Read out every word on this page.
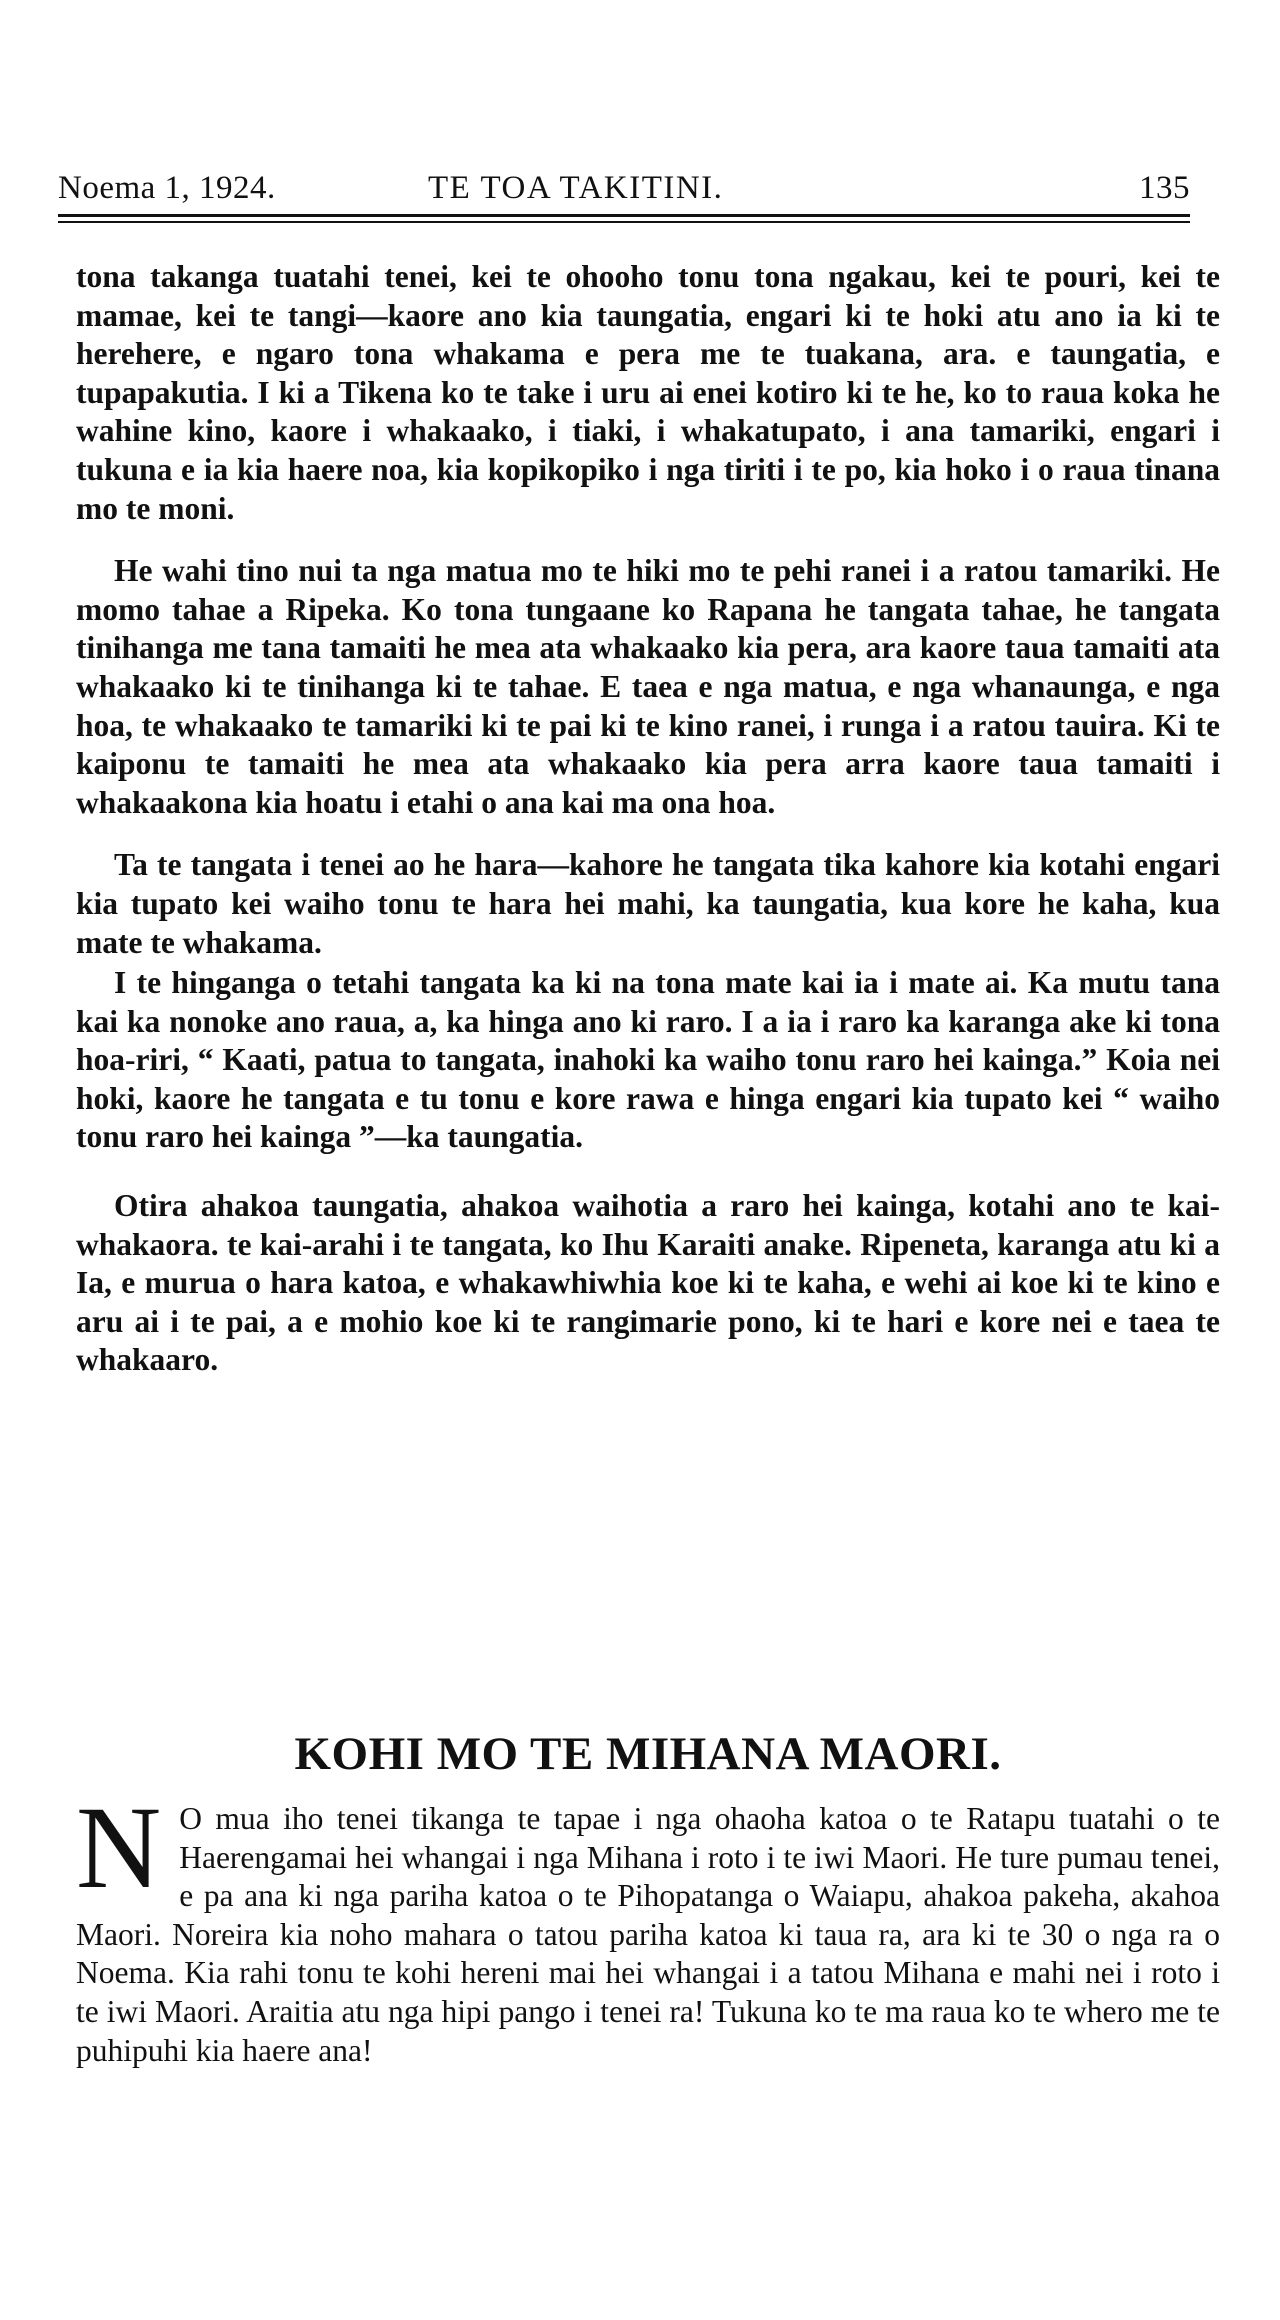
Noema 1, 1924.	TE TOA TAKITINI.	135

tona takanga tuatahi tenei, kei te ohooho tonu tona ngakau, kei te pouri, kei te mamae, kei te tangi—kaore ano kia taungatia, engari ki te hoki atu ano ia ki te herehere, e ngaro tona whakama e pera me te tuakana, ara. e taungatia, e tupapakutia. I ki a Tikena ko te take i uru ai enei kotiro ki te he, ko to raua koka he wahine kino, kaore i whakaako, i tiaki, i whakatupato, i ana tamariki, engari i tukuna e ia kia haere noa, kia kopikopiko i nga tiriti i te po, kia hoko i o raua tinana mo te moni.

He wahi tino nui ta nga matua mo te hiki mo te pehi ranei i a ratou tamariki. He momo tahae a Ripeka. Ko tona tungaane ko Rapana he tangata tahae, he tangata tinihanga me tana tamaiti he mea ata whakaako kia pera, ara kaore taua tamaiti ata whakaako ki te tinihanga ki te tahae. E taea e nga matua, e nga whanaunga, e nga hoa, te whakaako te tamariki ki te pai ki te kino ranei, i runga i a ratou tauira. Ki te kaiponu te tamaiti he mea ata whakaako kia pera arra kaore taua tamaiti i whakaakona kia hoatu i etahi o ana kai ma ona hoa.

Ta te tangata i tenei ao he hara—kahore he tangata tika kahore kia kotahi engari kia tupato kei waiho tonu te hara hei mahi, ka taungatia, kua kore he kaha, kua mate te whakama.

I te hinganga o tetahi tangata ka ki na tona mate kai ia i mate ai. Ka mutu tana kai ka nonoke ano raua, a, ka hinga ano ki raro. I a ia i raro ka karanga ake ki tona hoa-riri, “ Kaati, patua to tangata, inahoki ka waiho tonu raro hei kainga.” Koia nei hoki, kaore he tangata e tu tonu e kore rawa e hinga engari kia tupato kei “ waiho tonu raro hei kainga ”—ka taungatia.

Otira ahakoa taungatia, ahakoa waihotia a raro hei kainga, kotahi ano te kai-whakaora. te kai-arahi i te tangata, ko Ihu Karaiti anake. Ripeneta, karanga atu ki a Ia, e murua o hara katoa, e whakawhiwhia koe ki te kaha, e wehi ai koe ki te kino e aru ai i te pai, a e mohio koe ki te rangimarie pono, ki te hari e kore nei e taea te whakaaro.

KOHI MO TE MIHANA MAORI.

N O mua iho tenei tikanga te tapae i nga ohaoha katoa o te Ratapu tuatahi o te Haerengamai hei whangai i nga Mihana i roto i te iwi Maori. He ture pumau tenei, e pa ana ki nga pariha katoa o te Pihopatanga o Waiapu, ahakoa pakeha, akahoa Maori. Noreira kia noho mahara o tatou pariha katoa ki taua ra, ara ki te 30 o nga ra o Noema. Kia rahi tonu te kohi hereni mai hei whangai i a tatou Mihana e mahi nei i roto i te iwi Maori. Araitia atu nga hipi pango i tenei ra! Tukuna ko te ma raua ko te whero me te puhipuhi kia haere ana!
